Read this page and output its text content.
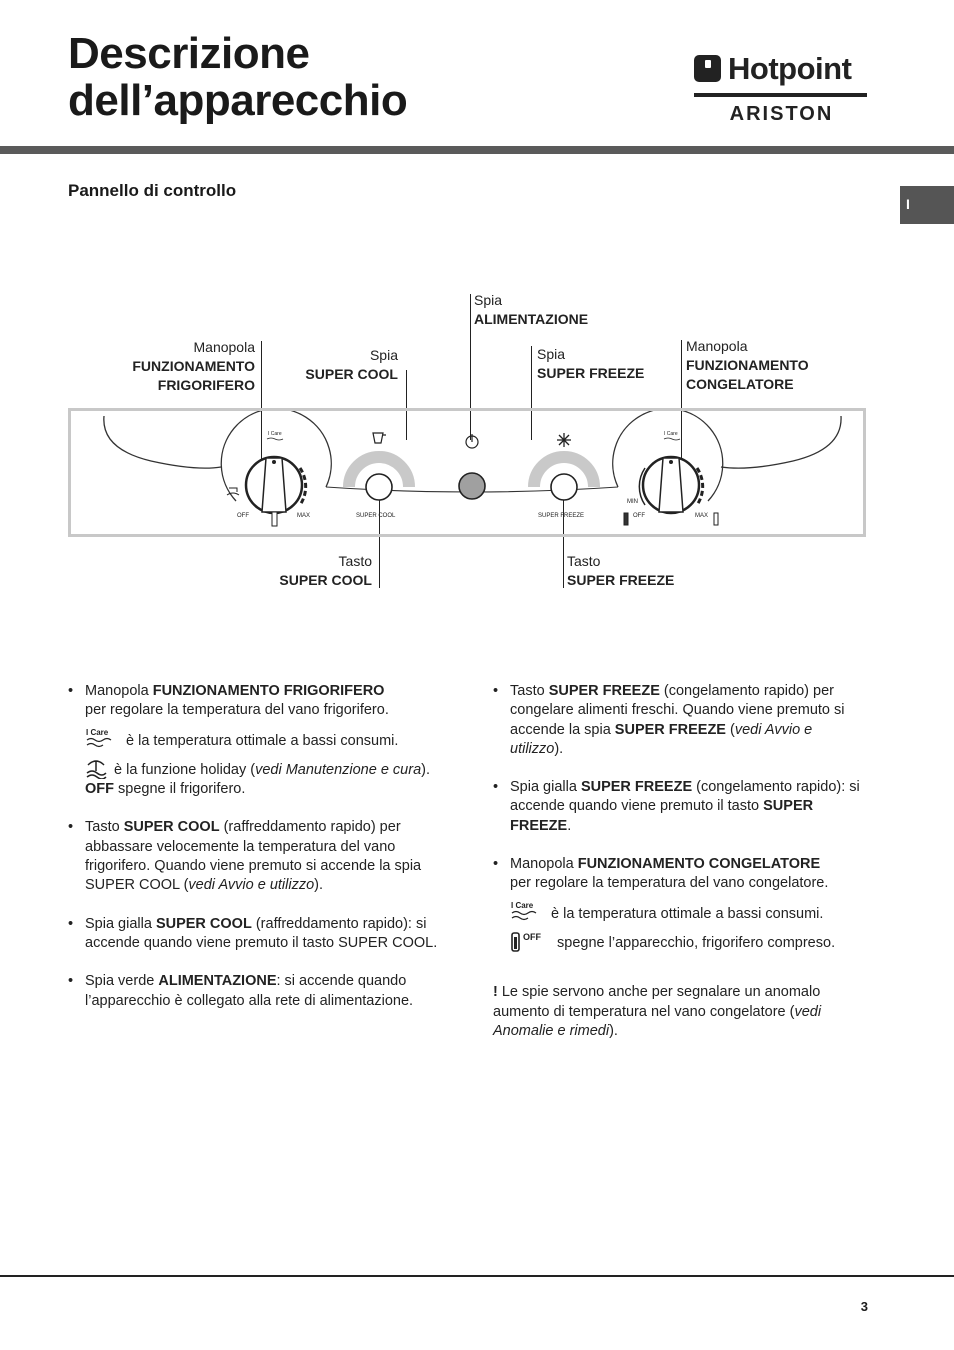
Descrizione
dell’apparecchio
Hotpoint
ARISTON
Pannello di controllo
I
Spia
ALIMENTAZIONE
Manopola
FUNZIONAMENTO
FRIGORIFERO
Spia
SUPER COOL
Spia
SUPER FREEZE
Manopola
FUNZIONAMENTO
CONGELATORE
Tasto
SUPER COOL
Tasto
SUPER FREEZE
I Care
OFF	MAX	SUPER COOL	SUPER FREEZE
I Care
MIN
OFF	MAX
• Manopola FUNZIONAMENTO FRIGORIFERO
per regolare la temperatura del vano frigorifero.

I Care
è la temperatura ottimale a bassi consumi.

è la funzione holiday (vedi Manutenzione e cura).

OFF spegne il frigorifero.

• Tasto SUPER COOL (raffreddamento rapido) per abbassare velocemente la temperatura del vano frigorifero. Quando viene premuto si accende la spia SUPER COOL (vedi Avvio e utilizzo).

• Spia gialla SUPER COOL (raffreddamento rapido): si accende quando viene premuto il tasto SUPER COOL.

• Spia verde ALIMENTAZIONE: si accende quando l’apparecchio è collegato alla rete di alimentazione.

• Tasto SUPER FREEZE (congelamento rapido) per congelare alimenti freschi. Quando viene premuto si accende la spia SUPER FREEZE (vedi Avvio e utilizzo).

• Spia gialla SUPER FREEZE (congelamento rapido): si accende quando viene premuto il tasto SUPER FREEZE.

• Manopola FUNZIONAMENTO CONGELATORE
per regolare la temperatura del vano congelatore.

I Care
è la temperatura ottimale a bassi consumi.

OFF spegne l’apparecchio, frigorifero compreso.

! Le spie servono anche per segnalare un anomalo aumento di temperatura nel vano congelatore (vedi Anomalie e rimedi).
3
